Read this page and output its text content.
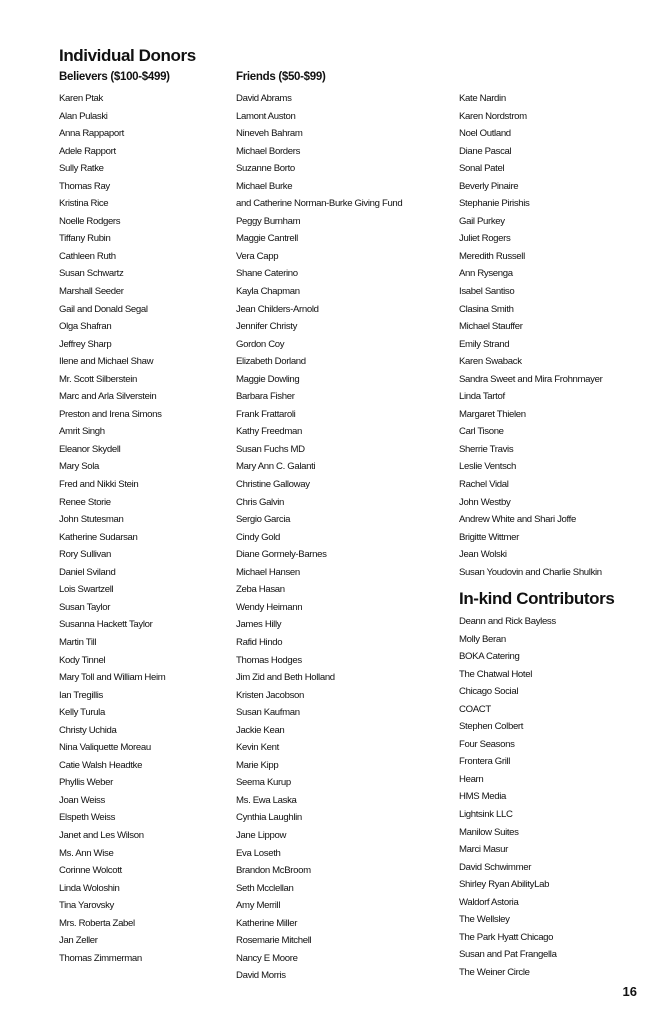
Individual Donors
Believers ($100-$499)
Karen Ptak
Alan Pulaski
Anna Rappaport
Adele Rapport
Sully Ratke
Thomas Ray
Kristina Rice
Noelle Rodgers
Tiffany Rubin
Cathleen Ruth
Susan Schwartz
Marshall Seeder
Gail and Donald Segal
Olga Shafran
Jeffrey Sharp
Ilene and Michael Shaw
Mr. Scott Silberstein
Marc and Arla Silverstein
Preston and Irena Simons
Amrit Singh
Eleanor Skydell
Mary Sola
Fred and Nikki Stein
Renee Storie
John Stutesman
Katherine Sudarsan
Rory Sullivan
Daniel Sviland
Lois Swartzell
Susan Taylor
Susanna Hackett Taylor
Martin Till
Kody Tinnel
Mary Toll and William Heim
Ian Tregillis
Kelly Turula
Christy Uchida
Nina Valiquette Moreau
Catie Walsh Headtke
Phyllis Weber
Joan Weiss
Elspeth Weiss
Janet and Les Wilson
Ms. Ann Wise
Corinne Wolcott
Linda Woloshin
Tina Yarovsky
Mrs. Roberta Zabel
Jan Zeller
Thomas Zimmerman
Friends ($50-$99)
David Abrams
Lamont Auston
Nineveh Bahram
Michael Borders
Suzanne Borto
Michael Burke
and Catherine Norman-Burke Giving Fund
Peggy Burnham
Maggie Cantrell
Vera Capp
Shane Caterino
Kayla Chapman
Jean Childers-Arnold
Jennifer Christy
Gordon Coy
Elizabeth Dorland
Maggie Dowling
Barbara Fisher
Frank Frattaroli
Kathy Freedman
Susan Fuchs MD
Mary Ann C. Galanti
Christine Galloway
Chris Galvin
Sergio Garcia
Cindy Gold
Diane Gormely-Barnes
Michael Hansen
Zeba Hasan
Wendy Heimann
James Hilly
Rafid Hindo
Thomas Hodges
Jim Zid and Beth Holland
Kristen Jacobson
Susan Kaufman
Jackie Kean
Kevin Kent
Marie Kipp
Seema Kurup
Ms. Ewa Laska
Cynthia Laughlin
Jane Lippow
Eva Loseth
Brandon McBroom
Seth Mcclellan
Amy Merrill
Katherine Miller
Rosemarie Mitchell
Nancy E Moore
David Morris
Kate Nardin
Karen Nordstrom
Noel Outland
Diane Pascal
Sonal Patel
Beverly Pinaire
Stephanie Pirishis
Gail Purkey
Juliet Rogers
Meredith Russell
Ann Rysenga
Isabel Santiso
Clasina Smith
Michael Stauffer
Emily Strand
Karen Swaback
Sandra Sweet and Mira Frohnmayer
Linda Tartof
Margaret Thielen
Carl Tisone
Sherrie Travis
Leslie Ventsch
Rachel Vidal
John Westby
Andrew White and Shari Joffe
Brigitte Wittmer
Jean Wolski
Susan Youdovin and Charlie Shulkin
In-kind Contributors
Deann and Rick Bayless
Molly Beran
BOKA Catering
The Chatwal Hotel
Chicago Social
COACT
Stephen Colbert
Four Seasons
Frontera Grill
Hearn
HMS Media
Lightsink LLC
Manilow Suites
Marci Masur
David Schwimmer
Shirley Ryan AbilityLab
Waldorf Astoria
The Wellsley
The Park Hyatt Chicago
Susan and Pat Frangella
The Weiner Circle
16
